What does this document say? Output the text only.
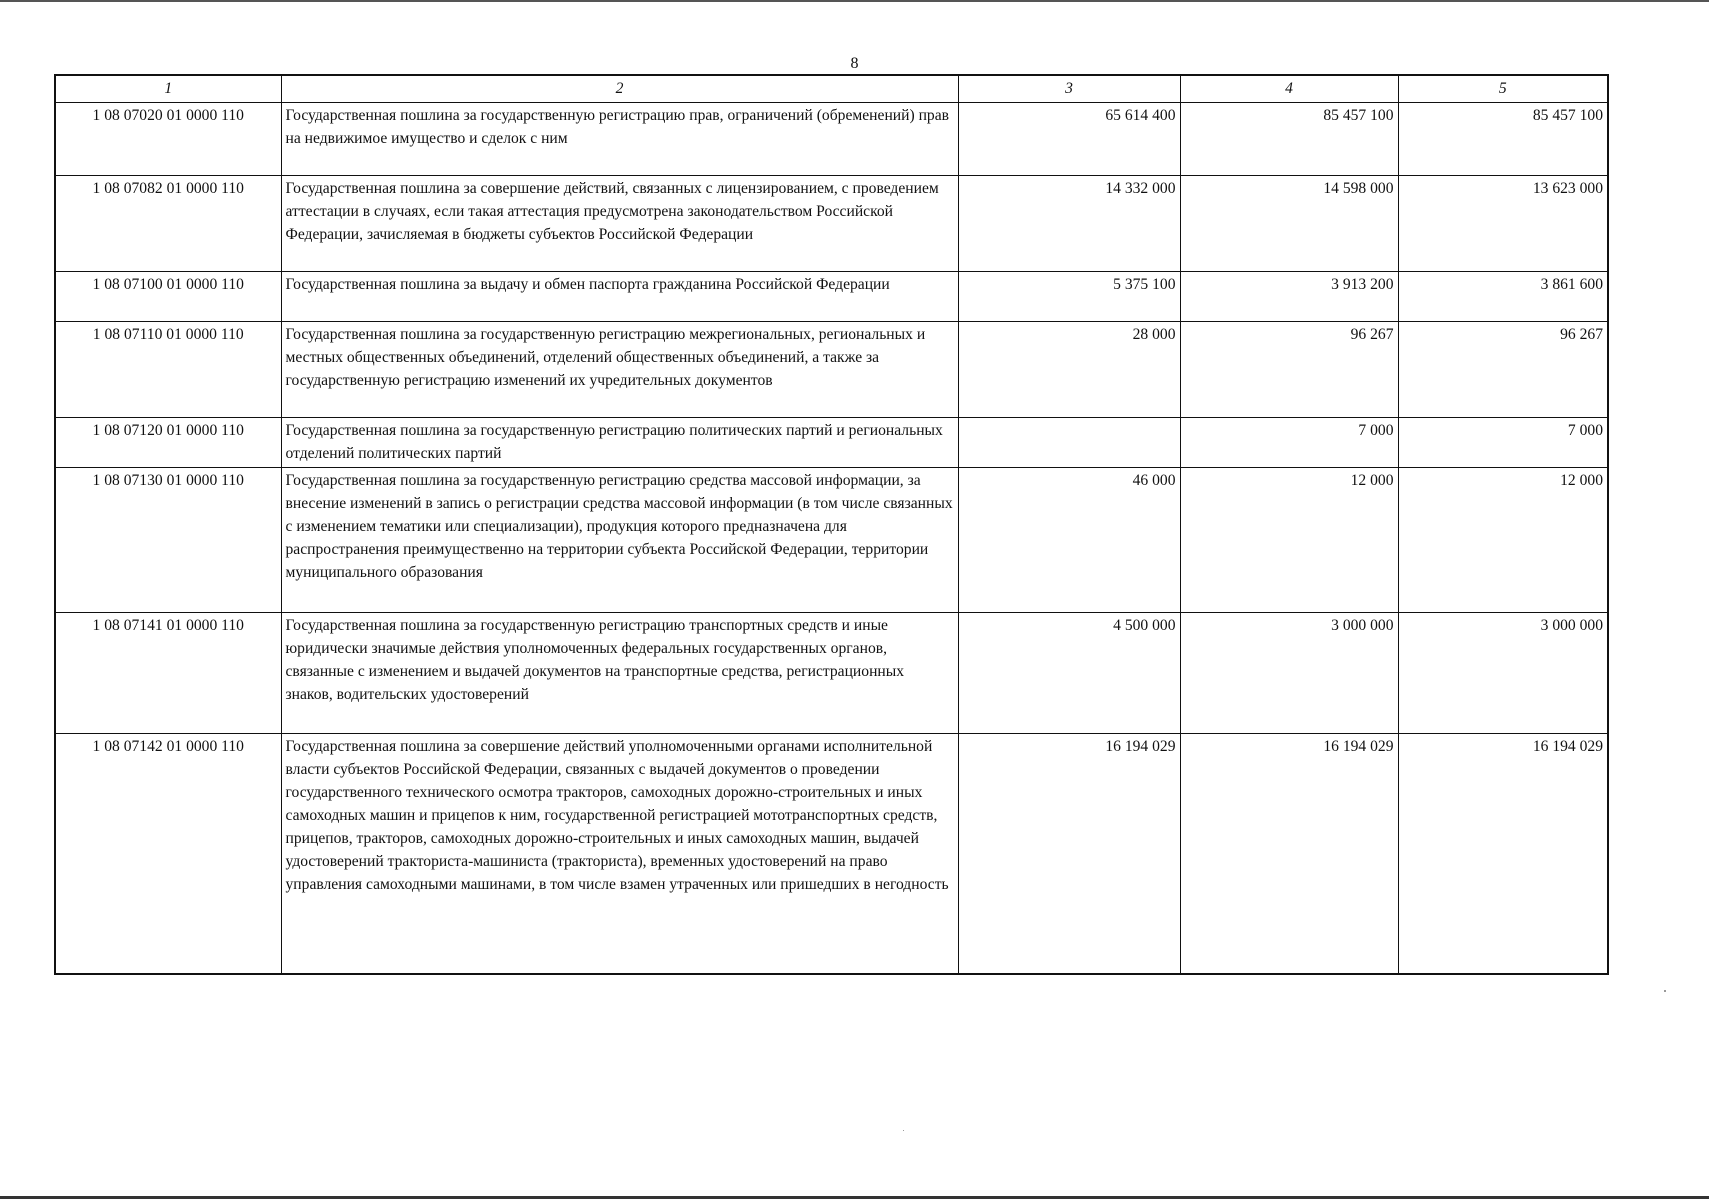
8
1	2	3	4	5
1 08 07020 01 0000 110	Государственная пошлина за государственную регистрацию прав, ограничений (обременений) прав на недвижимое имущество и сделок с ним	65 614 400	85 457 100	85 457 100
1 08 07082 01 0000 110	Государственная пошлина за совершение действий, связанных с лицензированием, с проведением аттестации в случаях, если такая аттестация предусмотрена законодательством Российской Федерации, зачисляемая в бюджеты субъектов Российской Федерации	14 332 000	14 598 000	13 623 000
1 08 07100 01 0000 110	Государственная пошлина за выдачу и обмен паспорта гражданина Российской Федерации	5 375 100	3 913 200	3 861 600
1 08 07110 01 0000 110	Государственная пошлина за государственную регистрацию межрегиональных, региональных и местных общественных объединений, отделений общественных объединений, а также за государственную регистрацию изменений их учредительных документов	28 000	96 267	96 267
1 08 07120 01 0000 110	Государственная пошлина за государственную регистрацию политических партий и региональных отделений политических партий		7 000	7 000
1 08 07130 01 0000 110	Государственная пошлина за государственную регистрацию средства массовой информации, за внесение изменений в запись о регистрации средства массовой информации (в том числе связанных с изменением тематики или специализации), продукция которого предназначена для распространения преимущественно на территории субъекта Российской Федерации, территории муниципального образования	46 000	12 000	12 000
1 08 07141 01 0000 110	Государственная пошлина за государственную регистрацию транспортных средств и иные юридически значимые действия уполномоченных федеральных государственных органов, связанные с изменением и выдачей документов на транспортные средства, регистрационных знаков, водительских удостоверений	4 500 000	3 000 000	3 000 000
1 08 07142 01 0000 110	Государственная пошлина за совершение действий уполномоченными органами исполнительной власти субъектов Российской Федерации, связанных с выдачей документов о проведении государственного технического осмотра тракторов, самоходных дорожно-строительных и иных самоходных машин и прицепов к ним, государственной регистрацией мототранспортных средств, прицепов, тракторов, самоходных дорожно-строительных и иных самоходных машин, выдачей удостоверений тракториста-машиниста (тракториста), временных удостоверений на право управления самоходными машинами, в том числе взамен утраченных или пришедших в негодность	16 194 029	16 194 029	16 194 029
